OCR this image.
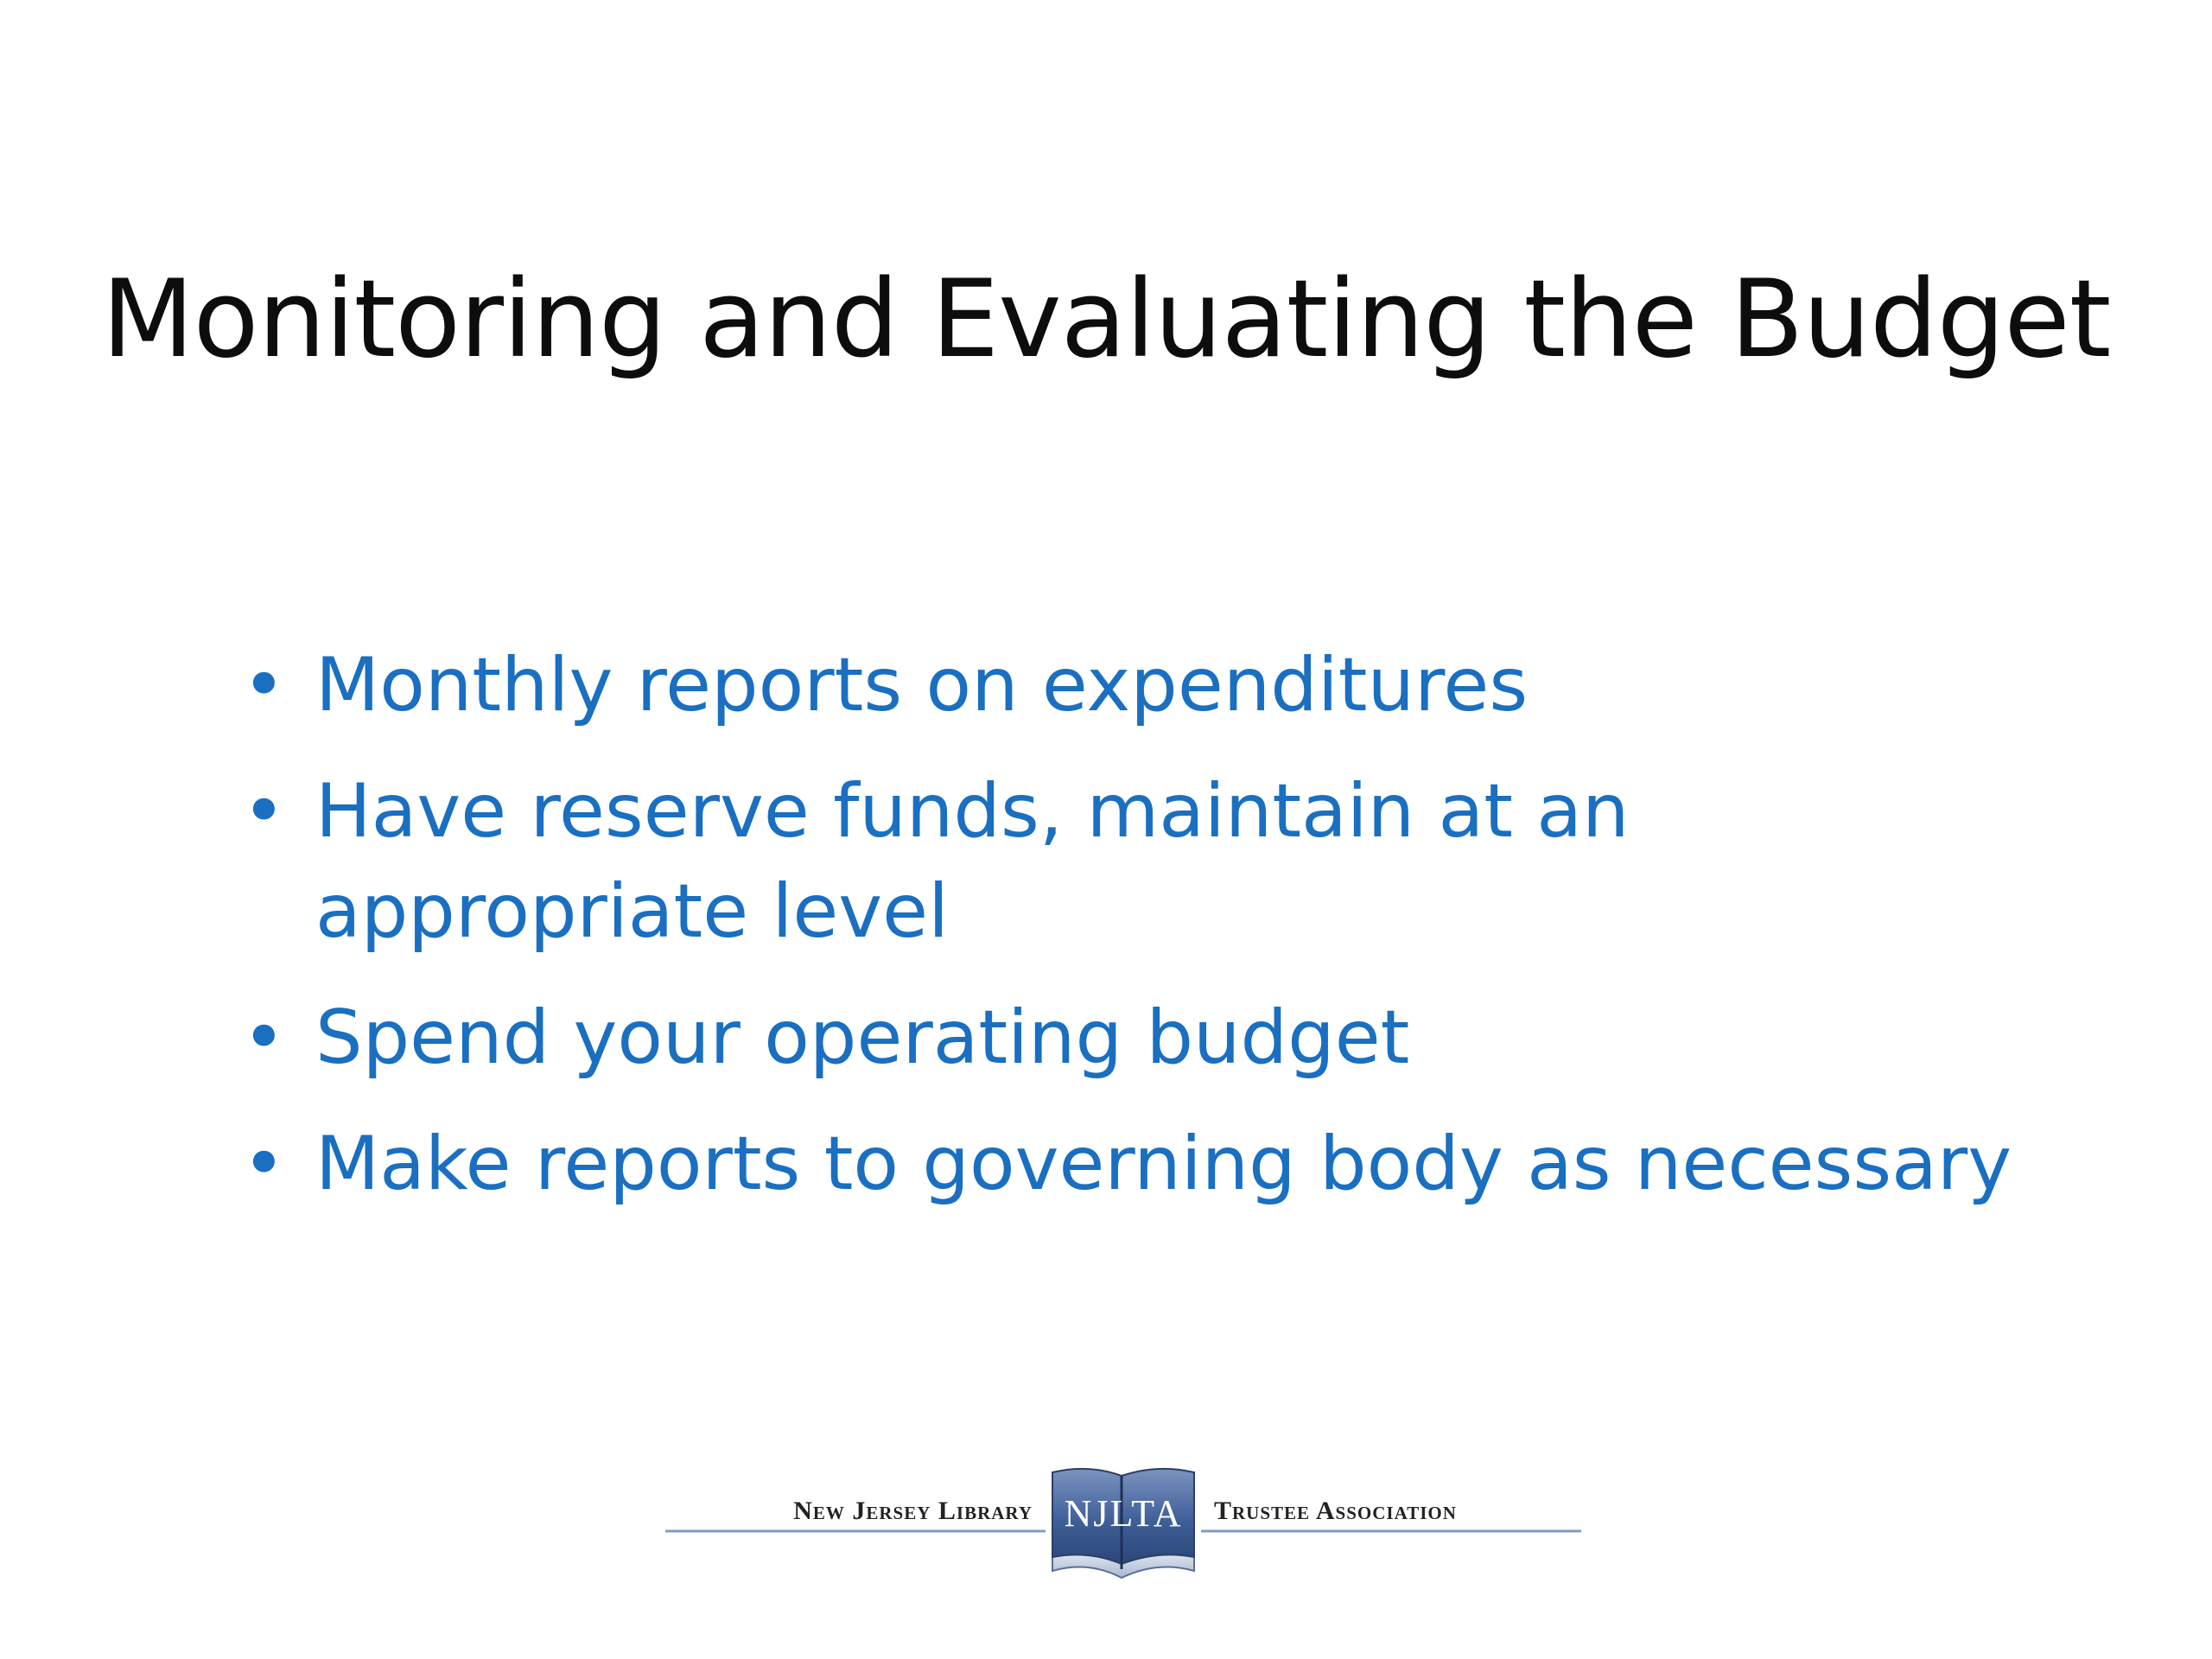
Monitoring and Evaluating the Budget
• Monthly reports on expenditures
• Have reserve funds, maintain at an appropriate level
• Spend your operating budget
• Make reports to governing body as necessary
New Jersey Library	Trustee Association
NJLTA
